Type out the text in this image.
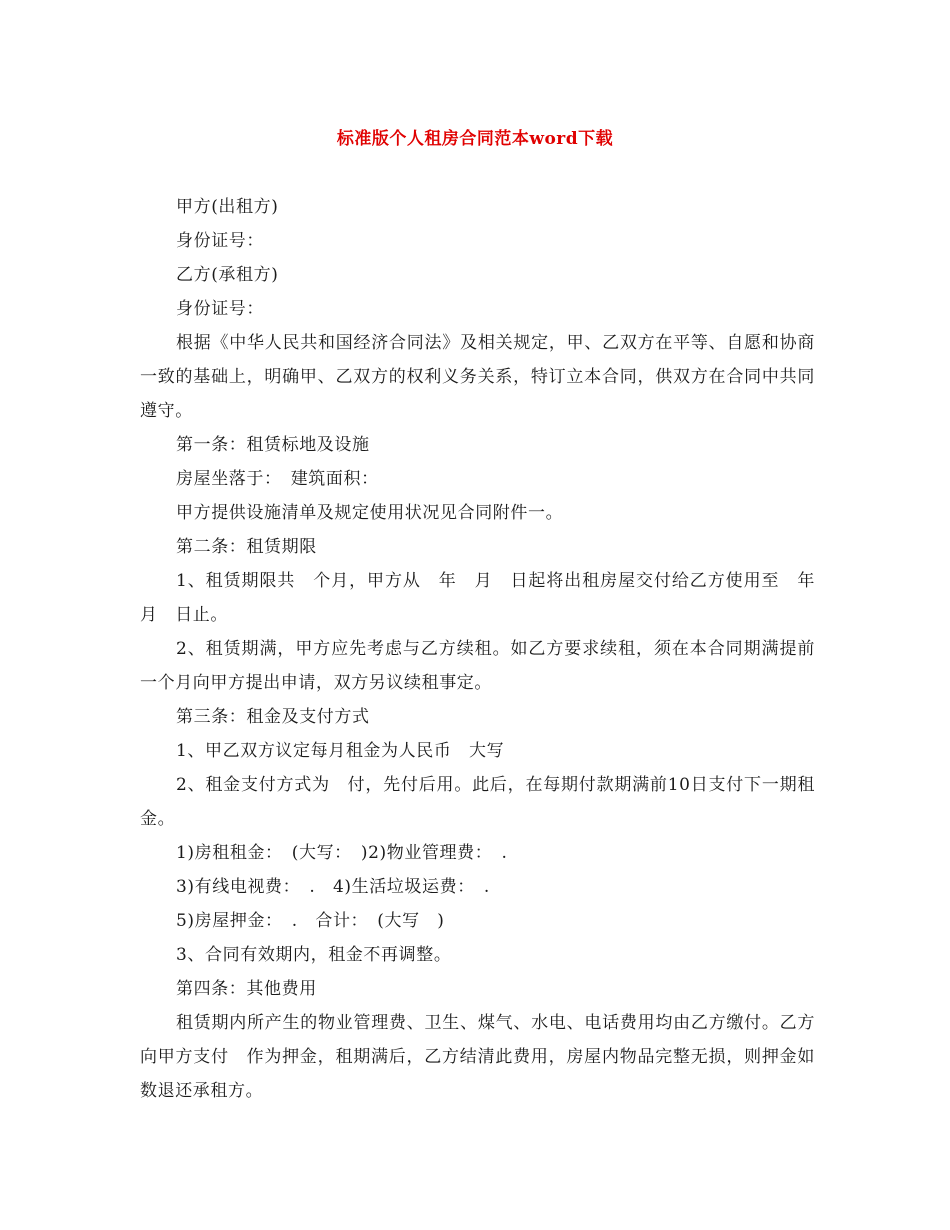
标准版个人租房合同范本word下载

甲方(出租方)

身份证号：

乙方(承租方)

身份证号：

根据《中华人民共和国经济合同法》及相关规定，甲、乙双方在平等、自愿和协商一致的基础上，明确甲、乙双方的权利义务关系，特订立本合同，供双方在合同中共同遵守。

第一条：租赁标地及设施

房屋坐落于：　建筑面积：

甲方提供设施清单及规定使用状况见合同附件一。

第二条：租赁期限

1、租赁期限共　个月，甲方从　年　月　日起将出租房屋交付给乙方使用至　年　月　日止。

2、租赁期满，甲方应先考虑与乙方续租。如乙方要求续租，须在本合同期满提前一个月向甲方提出申请，双方另议续租事定。

第三条：租金及支付方式

1、甲乙双方议定每月租金为人民币　大写

2、租金支付方式为　付，先付后用。此后，在每期付款期满前10日支付下一期租金。

1)房租租金：　(大写：　)2)物业管理费：　.

3)有线电视费：　.　4)生活垃圾运费：　.

5)房屋押金：　.　合计：　(大写　)

3、合同有效期内，租金不再调整。

第四条：其他费用

租赁期内所产生的物业管理费、卫生、煤气、水电、电话费用均由乙方缴付。乙方向甲方支付　作为押金，租期满后，乙方结清此费用，房屋内物品完整无损，则押金如数退还承租方。
